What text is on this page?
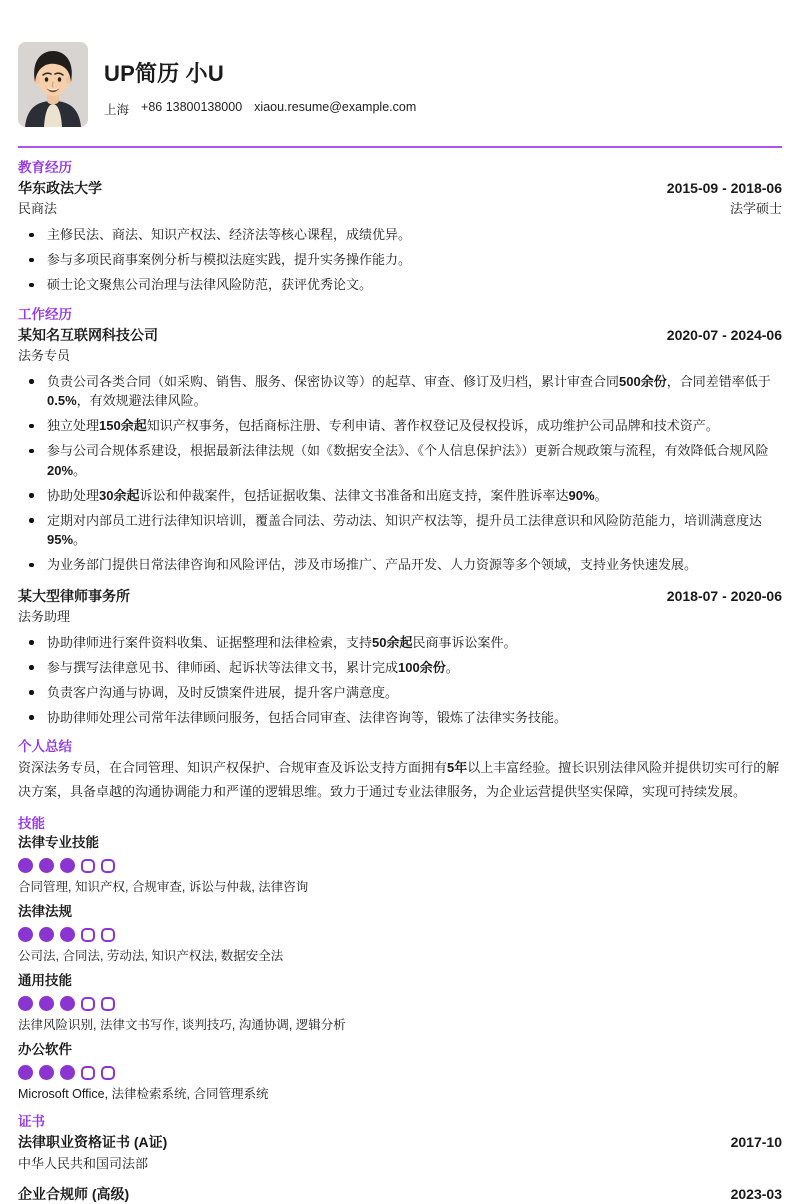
UP简历 小U
上海 +86 13800138000 xiaou.resume@example.com
教育经历
华东政法大学	2015-09 - 2018-06
民商法	法学硕士
主修民法、商法、知识产权法、经济法等核心课程，成绩优异。
参与多项民商事案例分析与模拟法庭实践，提升实务操作能力。
硕士论文聚焦公司治理与法律风险防范，获评优秀论文。
工作经历
某知名互联网科技公司	2020-07 - 2024-06
法务专员
负责公司各类合同（如采购、销售、服务、保密协议等）的起草、审查、修订及归档，累计审查合同500余份，合同差错率低于0.5%，有效规避法律风险。
独立处理150余起知识产权事务，包括商标注册、专利申请、著作权登记及侵权投诉，成功维护公司品牌和技术资产。
参与公司合规体系建设，根据最新法律法规（如《数据安全法》、《个人信息保护法》）更新合规政策与流程，有效降低合规风险20%。
协助处理30余起诉讼和仲裁案件，包括证据收集、法律文书准备和出庭支持，案件胜诉率达90%。
定期对内部员工进行法律知识培训，覆盖合同法、劳动法、知识产权法等，提升员工法律意识和风险防范能力，培训满意度达95%。
为业务部门提供日常法律咨询和风险评估，涉及市场推广、产品开发、人力资源等多个领域，支持业务快速发展。
某大型律师事务所	2018-07 - 2020-06
法务助理
协助律师进行案件资料收集、证据整理和法律检索，支持50余起民商事诉讼案件。
参与撰写法律意见书、律师函、起诉状等法律文书，累计完成100余份。
负责客户沟通与协调，及时反馈案件进展，提升客户满意度。
协助律师处理公司常年法律顾问服务，包括合同审查、法律咨询等，锻炼了法律实务技能。
个人总结

资深法务专员，在合同管理、知识产权保护、合规审查及诉讼支持方面拥有5年以上丰富经验。擅长识别法律风险并提供切实可行的解决方案，具备卓越的沟通协调能力和严谨的逻辑思维。致力于通过专业法律服务，为企业运营提供坚实保障，实现可持续发展。

技能
法律专业技能
合同管理, 知识产权, 合规审查, 诉讼与仲裁, 法律咨询
法律法规
公司法, 合同法, 劳动法, 知识产权法, 数据安全法
通用技能
法律风险识别, 法律文书写作, 谈判技巧, 沟通协调, 逻辑分析
办公软件
Microsoft Office, 法律检索系统, 合同管理系统
证书
法律职业资格证书 (A证)	2017-10
中华人民共和国司法部
企业合规师 (高级)	2023-03
